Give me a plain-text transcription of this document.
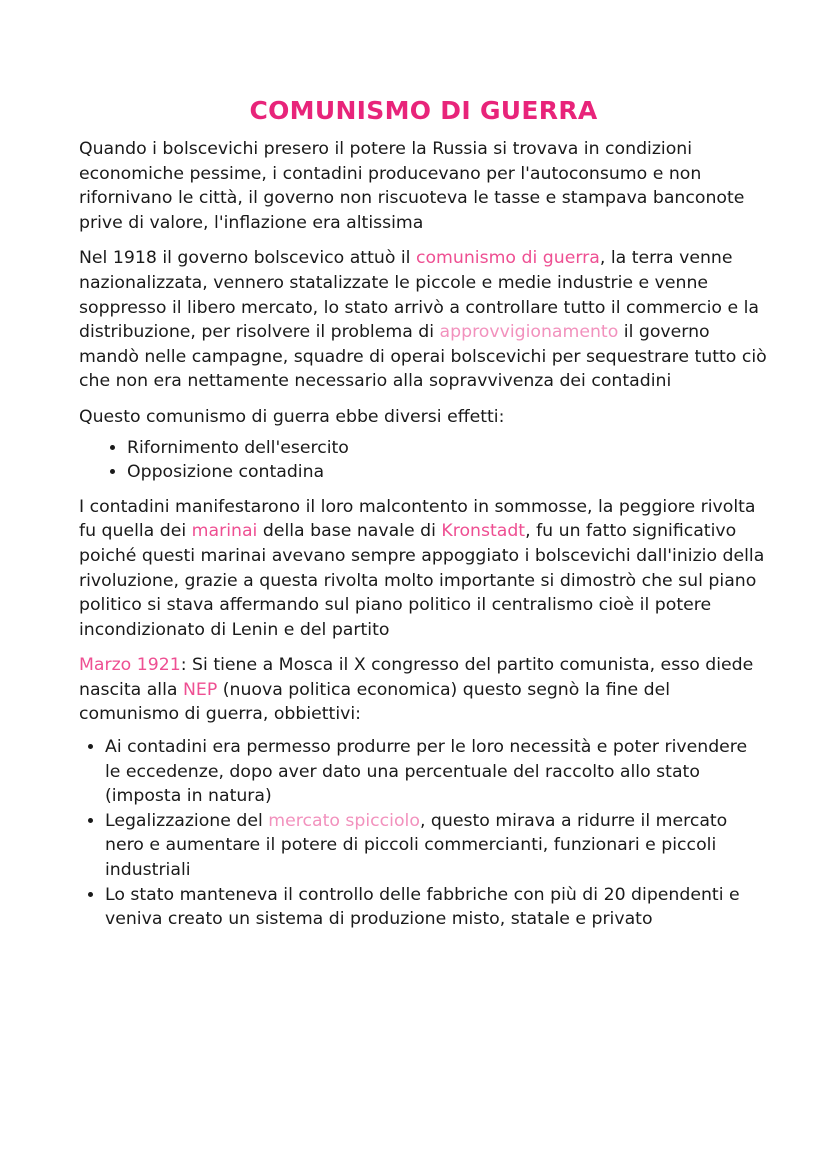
COMUNISMO DI GUERRA

Quando i bolscevichi presero il potere la Russia si trovava in condizioni economiche pessime, i contadini producevano per l'autoconsumo e non rifornivano le città, il governo non riscuoteva le tasse e stampava banconote prive di valore, l'inflazione era altissima

Nel 1918 il governo bolscevico attuò il comunismo di guerra, la terra venne nazionalizzata, vennero statalizzate le piccole e medie industrie e venne soppresso il libero mercato, lo stato arrivò a controllare tutto il commercio e la distribuzione, per risolvere il problema di approvvigionamento il governo mandò nelle campagne, squadre di operai bolscevichi per sequestrare tutto ciò che non era nettamente necessario alla sopravvivenza dei contadini

Questo comunismo di guerra ebbe diversi effetti:

• Rifornimento dell'esercito
• Opposizione contadina

I contadini manifestarono il loro malcontento in sommosse, la peggiore rivolta fu quella dei marinai della base navale di Kronstadt, fu un fatto significativo poiché questi marinai avevano sempre appoggiato i bolscevichi dall'inizio della rivoluzione, grazie a questa rivolta molto importante si dimostrò che sul piano politico si stava affermando sul piano politico il centralismo cioè il potere incondizionato di Lenin e del partito

Marzo 1921: Si tiene a Mosca il X congresso del partito comunista, esso diede nascita alla NEP (nuova politica economica) questo segnò la fine del comunismo di guerra, obbiettivi:

• Ai contadini era permesso produrre per le loro necessità e poter rivendere le eccedenze, dopo aver dato una percentuale del raccolto allo stato (imposta in natura)
• Legalizzazione del mercato spicciolo, questo mirava a ridurre il mercato nero e aumentare il potere di piccoli commercianti, funzionari e piccoli industriali
• Lo stato manteneva il controllo delle fabbriche con più di 20 dipendenti e veniva creato un sistema di produzione misto, statale e privato
